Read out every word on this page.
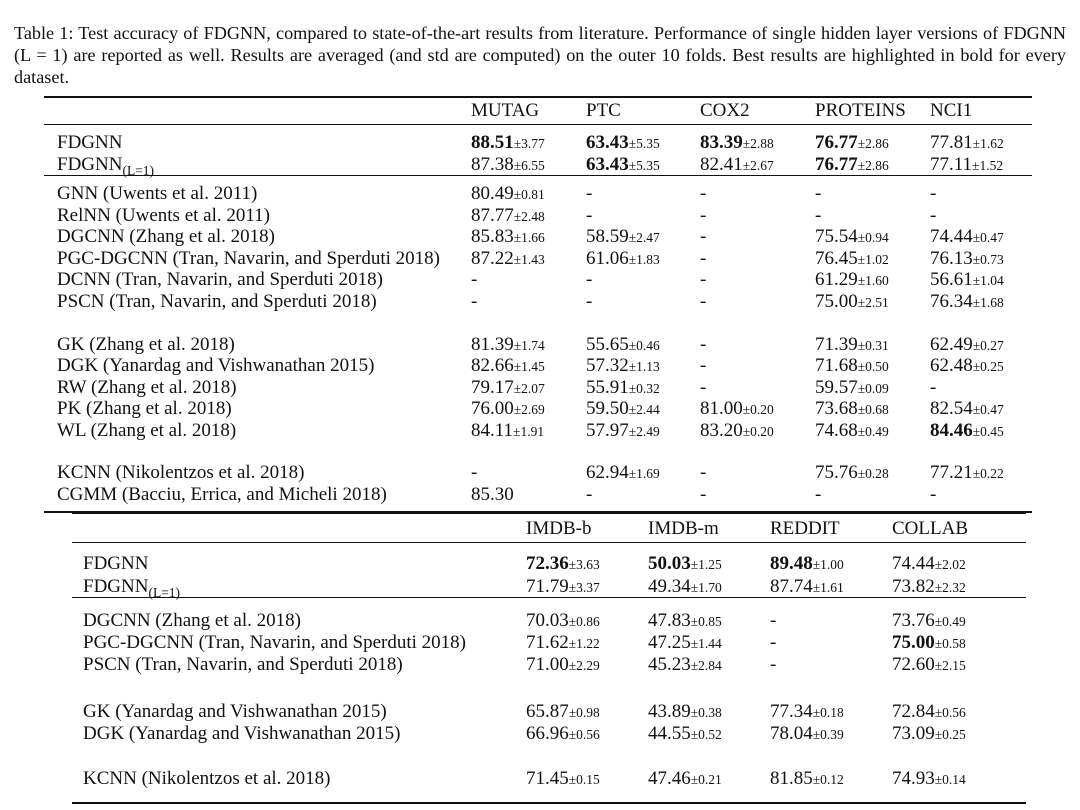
Table 1: Test accuracy of FDGNN, compared to state-of-the-art results from literature. Performance of single hidden layer versions of FDGNN (L = 1) are reported as well. Results are averaged (and std are computed) on the outer 10 folds. Best results are highlighted in bold for every dataset.

MUTAG PTC	COX2	PROTEINS NCI1
FDGNN	88.51±3.77 63.43±5.35 83.39±2.88 76.77±2.86 77.81±1.62
$FDGNN_{(L=1)}$	87.38±6.55 63.43±5.35 82.41±2.67 76.77±2.86 77.11±1.52
GNN (Uwents et al. 2011)	80.49±0.81 -	-	-	-
RelNN (Uwents et al. 2011)	87.77±2.48 -	-	-	-
DGCNN (Zhang et al. 2018)	85.83±1.66 58.59±2.47 -	75.54±0.94 74.44±0.47
PGC-DGCNN (Tran, Navarin, and Sperduti 2018) 87.22±1.43 61.06±1.83 -	76.45±1.02 76.13±0.73
DCNN (Tran, Navarin, and Sperduti 2018)	-	-	-	61.29±1.60 56.61±1.04
PSCN (Tran, Navarin, and Sperduti 2018)	-	-	-	75.00±2.51 76.34±1.68
GK (Zhang et al. 2018)	81.39±1.74 55.65±0.46 -	71.39±0.31 62.49±0.27
DGK (Yanardag and Vishwanathan 2015)	82.66±1.45 57.32±1.13 -	71.68±0.50 62.48±0.25
RW (Zhang et al. 2018)	79.17±2.07 55.91±0.32 -	59.57±0.09 -
PK (Zhang et al. 2018)	76.00±2.69 59.50±2.44 81.00±0.20 73.68±0.68 82.54±0.47
WL (Zhang et al. 2018)	84.11±1.91 57.97±2.49 83.20±0.20 74.68±0.49 84.46±0.45
KCNN (Nikolentzos et al. 2018)	-	62.94±1.69 -	75.76±0.28 77.21±0.22
CGMM (Bacciu, Errica, and Micheli 2018)	85.30	-	-	-	-
IMDB-b	IMDB-m	REDDIT	COLLAB
FDGNN	72.36±3.63	50.03±1.25	89.48±1.00	74.44±2.02
$FDGNN_{(L=1)}$	71.79±3.37	49.34±1.70	87.74±1.61	73.82±2.32
DGCNN (Zhang et al. 2018)	70.03±0.86	47.83±0.85	-	73.76±0.49
PGC-DGCNN (Tran, Navarin, and Sperduti 2018)	71.62±1.22	47.25±1.44	-	75.00±0.58
PSCN (Tran, Navarin, and Sperduti 2018)	71.00±2.29	45.23±2.84	-	72.60±2.15
GK (Yanardag and Vishwanathan 2015)	65.87±0.98	43.89±0.38	77.34±0.18	72.84±0.56
DGK (Yanardag and Vishwanathan 2015)	66.96±0.56	44.55±0.52	78.04±0.39	73.09±0.25
KCNN (Nikolentzos et al. 2018)	71.45±0.15	47.46±0.21	81.85±0.12	74.93±0.14
